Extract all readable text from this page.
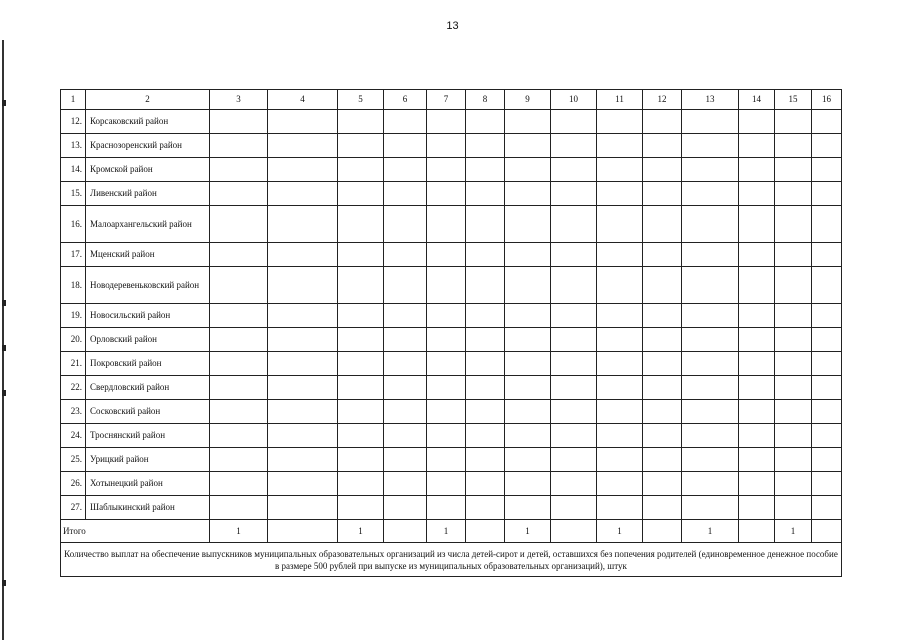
13
1	2	3	4	5	6	7	8	9	10	11	12	13	14	15	16
12.	Корсаковский район														
13.	Краснозоренский район														
14.	Кромской район														
15.	Ливенский район														
16.	Малоархангельский район														
17.	Мценский район														
18.	Новодеревеньковский район														
19.	Новосильский район														
20.	Орловский район														
21.	Покровский район														
22.	Свердловский район														
23.	Сосковский район														
24.	Троснянский район														
25.	Урицкий район														
26.	Хотынецкий район														
27.	Шаблыкинский район														
Итого		1		1		1		1		1		1		1	
Количество выплат на обеспечение выпускников муниципальных образовательных организаций из числа детей-сирот и детей, оставшихся без попечения родителей (единовременное денежное пособие в размере 500 рублей при выпуске из муниципальных образовательных организаций), штук															
